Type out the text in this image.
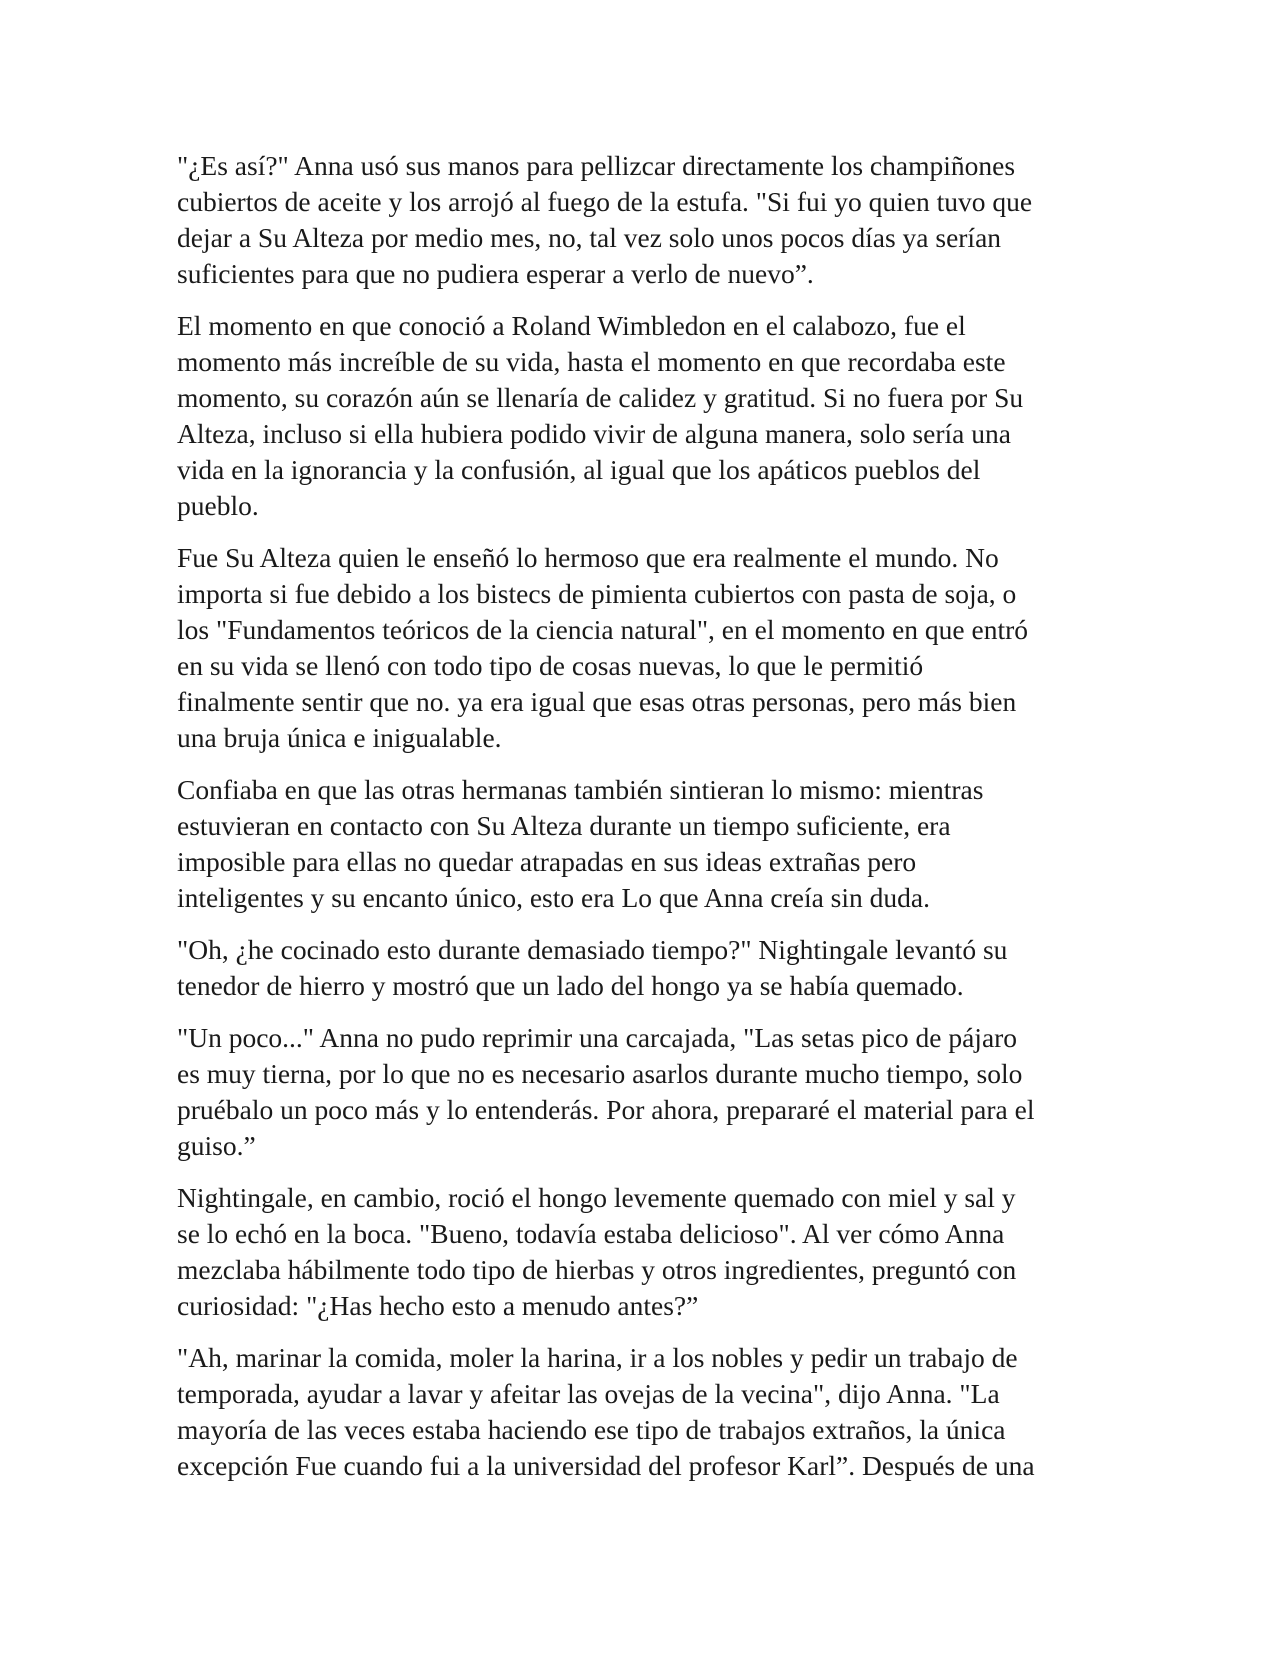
"¿Es así?" Anna usó sus manos para pellizcar directamente los champiñones
cubiertos de aceite y los arrojó al fuego de la estufa. "Si fui yo quien tuvo que
dejar a Su Alteza por medio mes, no, tal vez solo unos pocos días ya serían
suficientes para que no pudiera esperar a verlo de nuevo”.

El momento en que conoció a Roland Wimbledon en el calabozo, fue el
momento más increíble de su vida, hasta el momento en que recordaba este
momento, su corazón aún se llenaría de calidez y gratitud. Si no fuera por Su
Alteza, incluso si ella hubiera podido vivir de alguna manera, solo sería una
vida en la ignorancia y la confusión, al igual que los apáticos pueblos del
pueblo.

Fue Su Alteza quien le enseñó lo hermoso que era realmente el mundo. No
importa si fue debido a los bistecs de pimienta cubiertos con pasta de soja, o
los "Fundamentos teóricos de la ciencia natural", en el momento en que entró
en su vida se llenó con todo tipo de cosas nuevas, lo que le permitió
finalmente sentir que no. ya era igual que esas otras personas, pero más bien
una bruja única e inigualable.

Confiaba en que las otras hermanas también sintieran lo mismo: mientras
estuvieran en contacto con Su Alteza durante un tiempo suficiente, era
imposible para ellas no quedar atrapadas en sus ideas extrañas pero
inteligentes y su encanto único, esto era Lo que Anna creía sin duda.

"Oh, ¿he cocinado esto durante demasiado tiempo?" Nightingale levantó su
tenedor de hierro y mostró que un lado del hongo ya se había quemado.

"Un poco..." Anna no pudo reprimir una carcajada, "Las setas pico de pájaro
es muy tierna, por lo que no es necesario asarlos durante mucho tiempo, solo
pruébalo un poco más y lo entenderás. Por ahora, prepararé el material para el
guiso.”

Nightingale, en cambio, roció el hongo levemente quemado con miel y sal y
se lo echó en la boca. "Bueno, todavía estaba delicioso". Al ver cómo Anna
mezclaba hábilmente todo tipo de hierbas y otros ingredientes, preguntó con
curiosidad: "¿Has hecho esto a menudo antes?”

"Ah, marinar la comida, moler la harina, ir a los nobles y pedir un trabajo de
temporada, ayudar a lavar y afeitar las ovejas de la vecina", dijo Anna. "La
mayoría de las veces estaba haciendo ese tipo de trabajos extraños, la única
excepción Fue cuando fui a la universidad del profesor Karl”. Después de una
